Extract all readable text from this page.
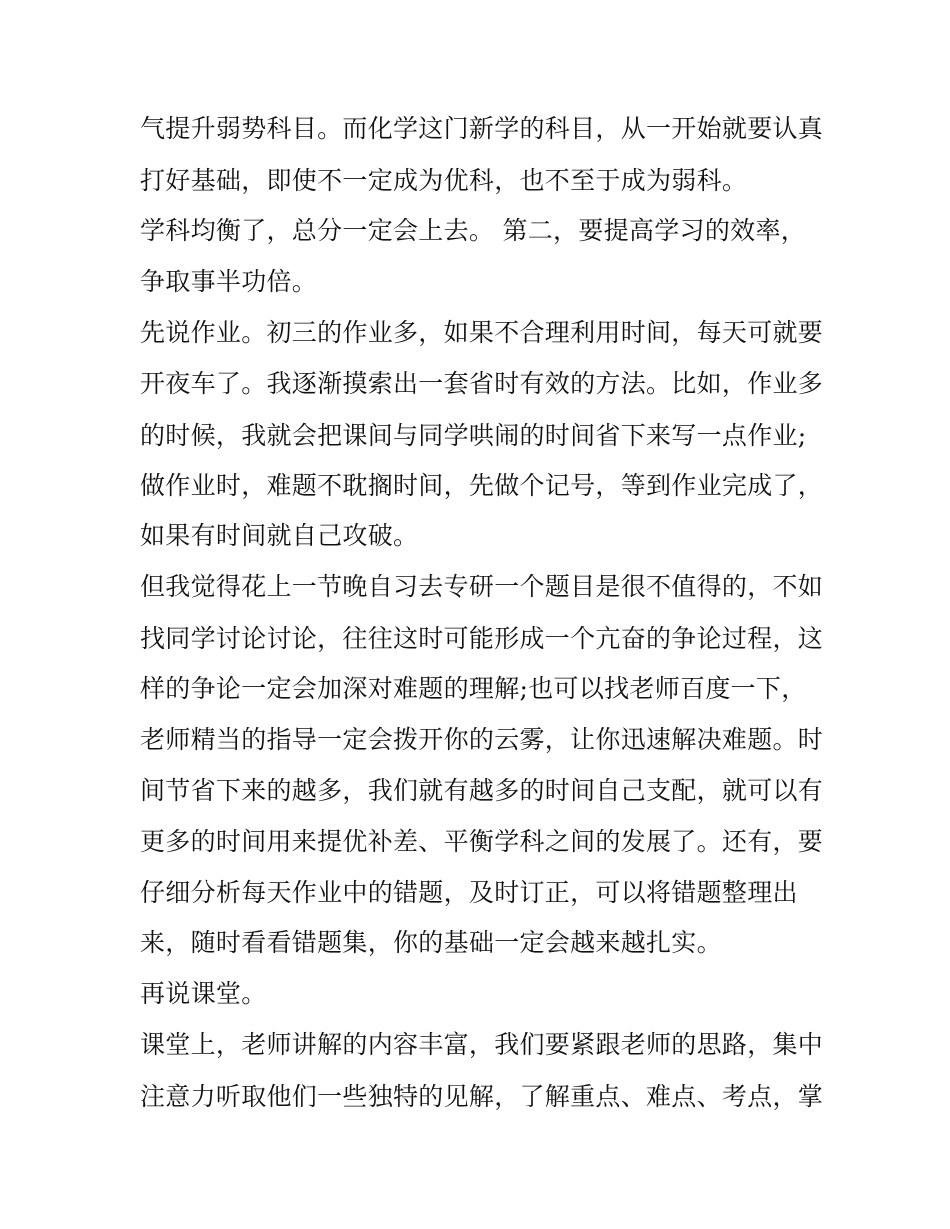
气提升弱势科目。而化学这门新学的科目，从一开始就要认真
打好基础，即使不一定成为优科，也不至于成为弱科。
学科均衡了，总分一定会上去。 第二，要提高学习的效率，
争取事半功倍。
先说作业。初三的作业多，如果不合理利用时间，每天可就要
开夜车了。我逐渐摸索出一套省时有效的方法。比如，作业多
的时候，我就会把课间与同学哄闹的时间省下来写一点作业;
做作业时，难题不耽搁时间，先做个记号，等到作业完成了，
如果有时间就自己攻破。
但我觉得花上一节晚自习去专研一个题目是很不值得的，不如
找同学讨论讨论，往往这时可能形成一个亢奋的争论过程，这
样的争论一定会加深对难题的理解;也可以找老师百度一下，
老师精当的指导一定会拨开你的云雾，让你迅速解决难题。时
间节省下来的越多，我们就有越多的时间自己支配，就可以有
更多的时间用来提优补差、平衡学科之间的发展了。还有，要
仔细分析每天作业中的错题，及时订正，可以将错题整理出
来，随时看看错题集，你的基础一定会越来越扎实。
再说课堂。
课堂上，老师讲解的内容丰富，我们要紧跟老师的思路，集中
注意力听取他们一些独特的见解，了解重点、难点、考点，掌
